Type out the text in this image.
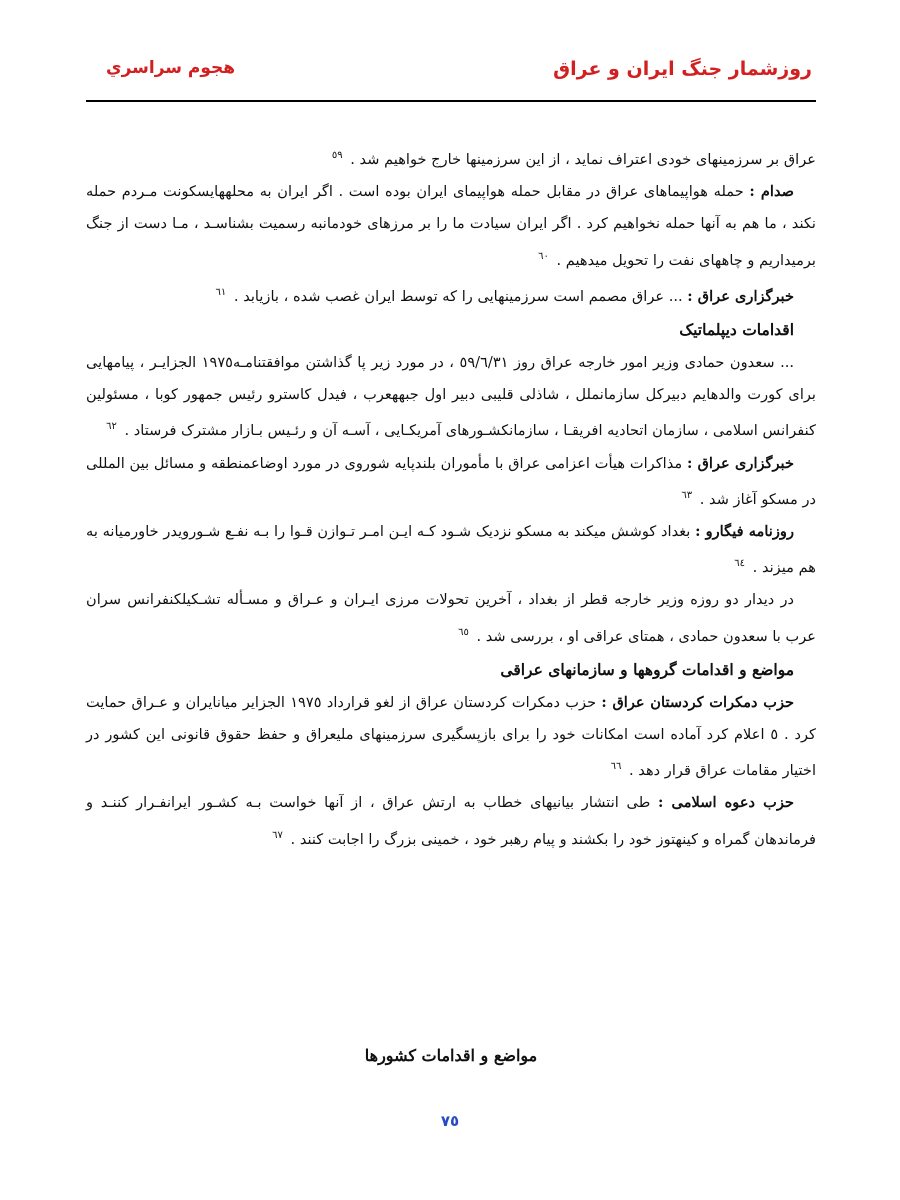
روزشمار جنگ ايران و عراق
هجوم سراسري

عراق بر سرزمینهای خودی اعتراف نماید ، از این سرزمینها خارج خواهیم شد . $^{٥٩}$

صدام : حمله هواپیماهای عراق در مقابل حمله هواپیمای ایران بوده است . اگر ایران به محلههایسکونت مـردم حمله نکند ، ما هم به آنها حمله نخواهیم کرد . اگر ایران سیادت ما را بر مرزهای خودمانبه رسمیت بشناسـد ، مـا دست از جنگ برمیداریم و چاههای نفت را تحویل میدهیم . $^{٦٠}$

خبرگزاری عراق : ... عراق مصمم است سرزمینهایی را که توسط ایران غصب شده ، بازیابد . $^{٦١}$

اقدامات دیپلماتیک

... سعدون حمادی وزیر امور خارجه عراق روز ٥٩/٦/٣١ ، در مورد زیر پا گذاشتن موافقتنامـه١٩٧٥ الجزایـر ، پیامهایی برای کورت والدهایم دبیرکل سازمانملل ، شاذلی قلیبی دبیر اول جبههعرب ، فیدل کاسترو رئیس جمهور کوبا ، مسئولین کنفرانس اسلامی ، سازمان اتحادیه افریقـا ، سازمانکشـورهای آمریکـایی ، آسـه آن و رئـیس بـازار مشترک فرستاد . $^{٦٢}$

خبرگزاری عراق : مذاکرات هیأت اعزامی عراق با مأموران بلندپایه شوروی در مورد اوضاعمنطقه و مسائل بین المللی در مسکو آغاز شد . $^{٦٣}$

روزنامه فیگارو : بغداد کوشش میکند به مسکو نزدیک شـود کـه ایـن امـر تـوازن قـوا را بـه نفـع شـورویدر خاورمیانه به هم میزند . $^{٦٤}$

در دیدار دو روزه وزیر خارجه قطر از بغداد ، آخرین تحولات مرزی ایـران و عـراق و مسـأله تشـکیلکنفرانس سران عرب با سعدون حمادی ، همتای عراقی او ، بررسی شد . $^{٦٥}$

مواضع و اقدامات گروهها و سازمانهای عراقی

حزب دمکرات کردستان عراق : حزب دمکرات کردستان عراق از لغو قرارداد ١٩٧٥ الجزایر میانایران و عـراق حمایت کرد . ٥ اعلام کرد آماده است امکانات خود را برای بازپسگیری سرزمینهای ملیعراق و حفظ حقوق قانونی این کشور در اختیار مقامات عراق قرار دهد . $^{٦٦}$

حزب دعوه اسلامی : طی انتشار بیانیهای خطاب به ارتش عراق ، از آنها خواست بـه کشـور ایرانفـرار کننـد و فرماندهان گمراه و کینهتوز خود را بکشند و پیام رهبر خود ، خمینی بزرگ را اجابت کنند . $^{٦٧}$

مواضع و اقدامات کشورها
٧٥
